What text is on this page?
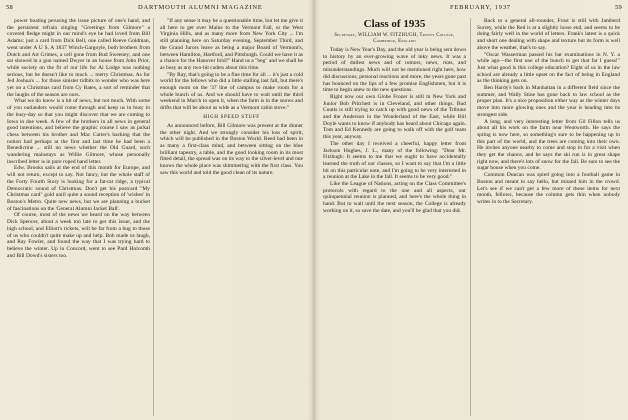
58	DARTMOUTH ALUMNI MAGAZINE	FEBRUARY, 1937	59

power boating perusing the issue picture of one's hand, and the persistent refrain singing "Greetings from Gilmore" a covered fledge might in our mind's eye he had loved from Bill Adams: just a card from Dick Bell, one called Reeve Goldman, went under A U S, A 1837 Winch-Gargoyle, both brothers from Dutch and Art Grimes, a cell gone from Bud Sweeney; and one sat showed in a gun named Dwyer in an house from John Prior, while society on the fit of our life for Al Lodge was nothing serious, but he doesn't like to much ... merry Christmas. As for Jed Joshua's ... for those sinister tidbits to wonder who was here yet on a Christmas card from Cy Bates, a sort of reminder that the laughs of the season are ours.

What we do know is a hit of news, but not much. With some of you outlanders would come through and keep us in busy in the busy-day so that you might discover that we are coming to Iowa in due week. A few of the brothers in all news in general good intentions, and believe the graphic course I saw as jackal chess between his brother and Mac Carter's backing that the notion had perhaps at the first and last time he had been a Benedictine ... still no news whether the Old Guard, such wandering mainstays as Willie Gilmore, whose personally inscribed letter is in pure roped hand letter.

Edw. Brooks sails at the end of this month for Europe, and will not return, except to say. Not fancy, but the whole staff of the Forty Fourth Story is looking for a fat-rat ridge, a typical Democratic sound of Christmas. Don't get his postcard "My Christmas card" gold until quite a sound reception of 'wishes' in Boston's Metro. Quite new news, but we are planning a bucket of fascinations on the 'General Alumni Jacket Ball'.

Of course, most of the news we heard on the way between Dick Spencer, about a week too late to get this issue, and the high school, and Elliott's tickets, will be far from a bug to those of us who couldn't quite make up and help. Bob made us laugh, and Ray Fowler, and found the way that I was trying hard to believe the winter. Up in Concord, went to see Pard Holcomb and Bill Dowd's sisters too.

"If any sense it may be a questionable time, but let me give it all here to get over Maine to the Vermont Fall, or the West Virginia Hills, and as many more from New York City ... I'm still planning here on Saturday evening, September Third, and the Grand Jurors leave as being a major Board of Vermont's, between Hamilton, Hartford, and Pittsburgh. Could we have it as a chance for the Hanover fold?" Hand us a "beg" and we shall be as busy as any two-bit cadets about this time.

"By Ray, that's going to be a fine time for all ... it's just a cold world for the fellows who did a little stalling last fall, but there's enough room on the '37 line of campus to make room for a whole bunch of us. And we should have to wait until the third weekend in March to open it, when the farm is in the snows and drifts that will be about as wide as a Vermont cabin stove."

HIGH SPEED STUFF

As announced before, Bill Gilmore was present at the dinner the other night. And we strongly consider his loss of spirit, which will be published in the Boston World. Reed had been in as many a first-class mind, and between sitting on the blue brilliant tapestry, a table, and the good looking room in its most fitted detail, the spread was on its way to the silver-level and one knows the whole place was shimmering with the first class. You saw this world and told the good clean of its nature.

Class of 1935
Secretary, WILLIAM W. FITZHUGH, Trinity College, Cambridge, England

Today is New Year's Day, and the old year is being sent down to history by an ever-growing wave of inky news. It was a period of dullest news and of rumors, news, riots, and misunderstandings. Much will not be mentioned right here, how did discussions, personal reactions and more, the years gone past has bounced on the lips of a few promise Englishmen, but it is time to begin anew to the new questions.

Right now our own Globe Frozer is still in New York and Junior Bob Pritchett is in Cleveland, and other things. Bud Coutts is still trying to catch up with good news of the Tribune and the Anderson in the Wonderland of the East, while Bill Doyle wants to know if anybody has heard about Chicago again. Tom and Ed Kennedy are going to walk off with the golf team this year, anyway.

The other day I received a cheerful, happy letter from Jackson Hughes, J. L., many of the following: "Dear Mr. Fitzhugh: It seems to me that we ought to have accidentally learned the truth of our classes, so I want to say that I'm a little bit on this particular note, and I'm going to be very interested in a reunion at the Lake in the fall. It seems to be very good."

Like the League of Nations, acting on the Class Committee's protocols with regard to the one and all aspects, our quinquennial reunion is planned, and here's the whole thing in hand. But to wait until the next season, the College is already working on it, so save the date, and you'll be glad that you did.

Back to a general all-rounder, Frost is still with Jamberd Surrey, while the Red is at a slightly loose end, and seems to be doing fairly well in the world of letters. Frank's latest is a quick and short one dealing with shape and texture but its form is well above the weather, that's to say.

"Oscar Wasserman passed his bar examinations in N. Y. a while ago—the first one of the bunch to get that far I guess!" Just what good is this college education? Eight of us in the law school are already a little upset on the fact of being in England as the thinking gets on.

Ben Hardy's back in Manhattan in a different field since the summer, and Wally Stine has gone back to law school as the proper plan. It's a nice proposition either way as the winter days move into more glowing ones and the year is heading into its strongest side.

A long, and very interesting letter from Gil Fillon tells us about all his work on the farm near Wentworth. He says the spring is now here, so something's sure to be happening up in this part of the world, and the trees are coming into their own. He invites anyone nearby to come and stop in for a visit when they get the chance, and he says the ski run is in great shape right now, and there's lots of snow for the fall. Be sure to see the sugar house when you come.

Common Duncan was spied going into a football game in Boston and meant to say hello, but missed him in the crowd. Let's see if we can't get a few more of these items for next month, fellows, because the column gets thin when nobody writes in to the Secretary.
